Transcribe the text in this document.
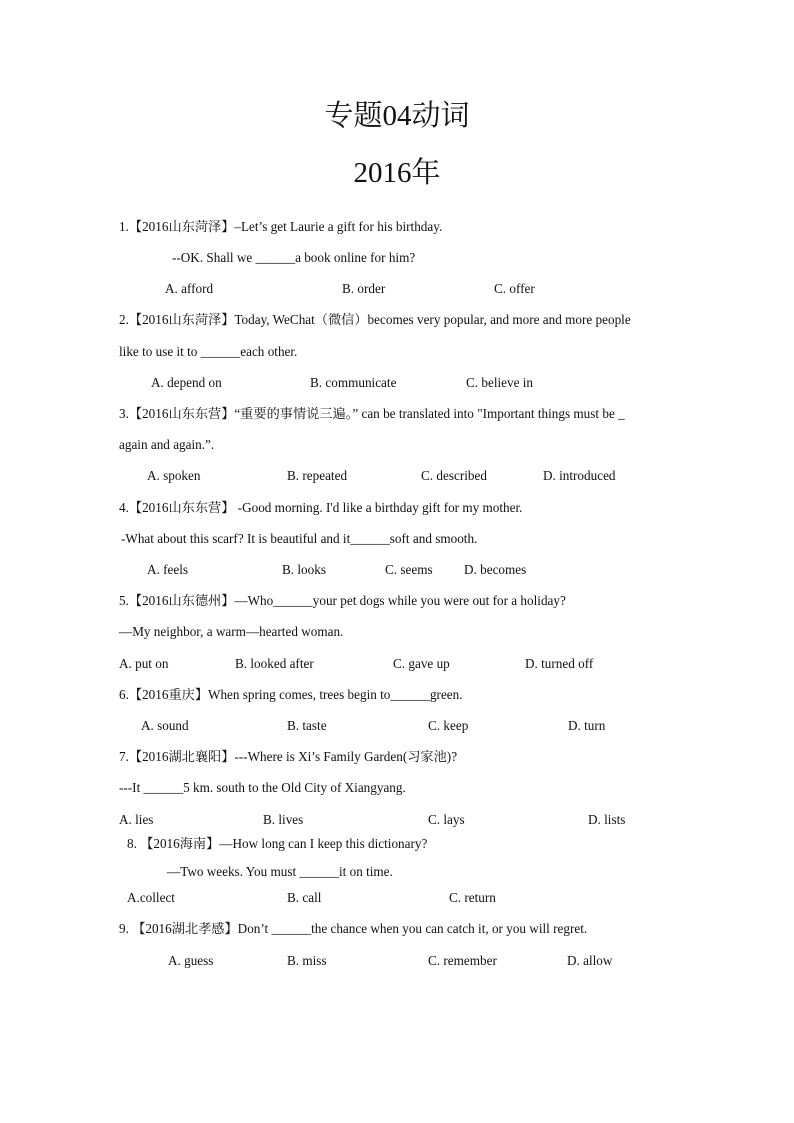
专题04动词
2016年
1.【2016山东菏泽】–Let’s get Laurie a gift for his birthday.
--OK. Shall we ______a book online for him?
A. afford	B. order	C. offer
2.【2016山东菏泽】Today, WeChat（微信）becomes very popular, and more and more people
like to use it to ______each other.
A. depend on	B. communicate	C. believe in
3.【2016山东东营】“重要的事情说三遍。” can be translated into "Important things must be _
again and again.”.
A. spoken	B. repeated	C. described	D. introduced
4.【2016山东东营】 -Good morning. I'd like a birthday gift for my mother.
-What about this scarf? It is beautiful and it______soft and smooth.
A. feels	B. looks	C. seems D. becomes
5.【2016山东德州】—Who______your pet dogs while you were out for a holiday?
—My neighbor, a warm—hearted woman.
A. put on	B. looked after	C. gave up	D. turned off
6.【2016重庆】When spring comes, trees begin to______green.
A. sound	B. taste	C. keep	D. turn
7.【2016湖北襄阳】---Where is Xi’s Family Garden(习家池)?
---It ______5 km. south to the Old City of Xiangyang.
A. lies	B. lives	C. lays	D. lists
8. 【2016海南】—How long can I keep this dictionary?
—Two weeks. You must ______it on time.
A.collect	B. call	C. return
9. 【2016湖北孝感】Don’t ______the chance when you can catch it, or you will regret.
A. guess	B. miss	C. remember	D. allow
